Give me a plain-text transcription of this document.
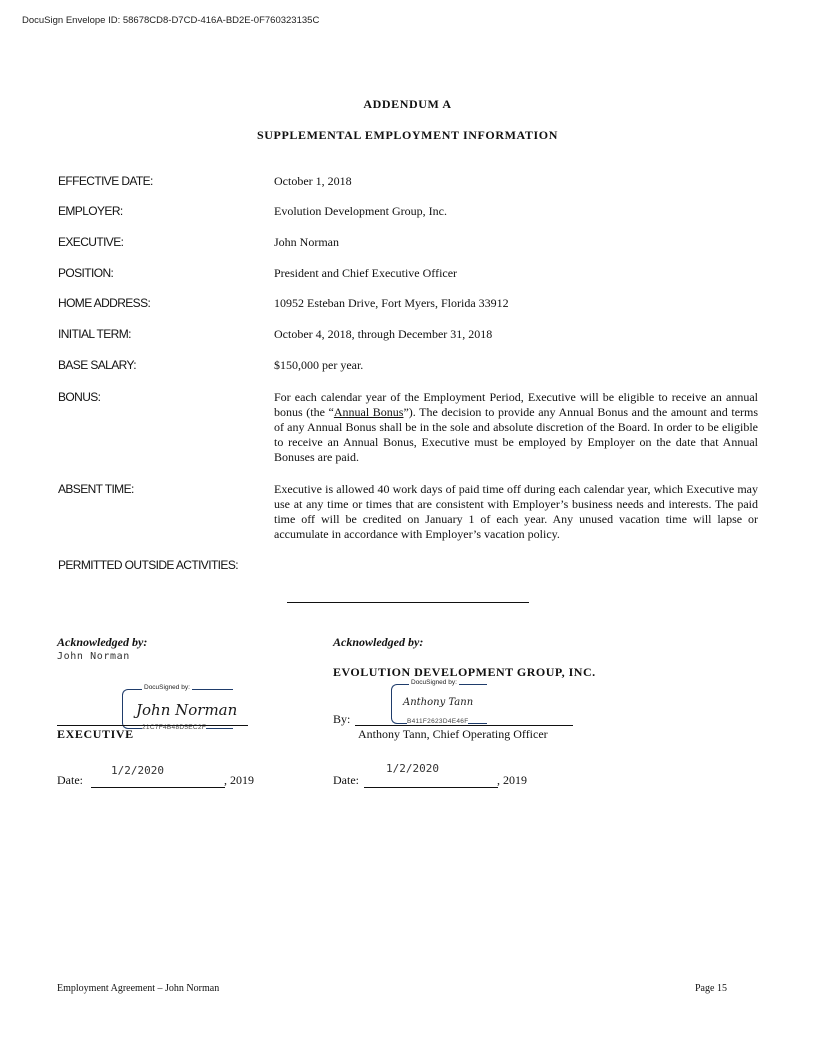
DocuSign Envelope ID: 58678CD8-D7CD-416A-BD2E-0F760323135C
ADDENDUM A
SUPPLEMENTAL EMPLOYMENT INFORMATION
EFFECTIVE DATE:	October 1, 2018
EMPLOYER:	Evolution Development Group, Inc.
EXECUTIVE:	John Norman
POSITION:	President and Chief Executive Officer
HOME ADDRESS:	10952 Esteban Drive, Fort Myers, Florida 33912
INITIAL TERM:	October 4, 2018, through December 31, 2018
BASE SALARY:	$150,000 per year.
BONUS:	For each calendar year of the Employment Period, Executive will be eligible to receive an annual bonus (the “Annual Bonus”). The decision to provide any Annual Bonus and the amount and terms of any Annual Bonus shall be in the sole and absolute discretion of the Board. In order to be eligible to receive an Annual Bonus, Executive must be employed by Employer on the date that Annual Bonuses are paid.
ABSENT TIME:	Executive is allowed 40 work days of paid time off during each calendar year, which Executive may use at any time or times that are consistent with Employer’s business needs and interests. The paid time off will be credited on January 1 of each year. Any unused vacation time will lapse or accumulate in accordance with Employer’s vacation policy.
PERMITTED OUTSIDE ACTIVITIES:
Acknowledged by:
John Norman
DocuSigned by:
John Norman
21C7F4B48D5EC2F
EXECUTIVE
Date:
1/2/2020
, 2019
Acknowledged by:
EVOLUTION DEVELOPMENT GROUP, INC.
DocuSigned by:
Anthony Tann
B411F2623D4E46F
By:
Anthony Tann, Chief Operating Officer
Date:
1/2/2020
, 2019
Employment Agreement – John Norman	Page 15
